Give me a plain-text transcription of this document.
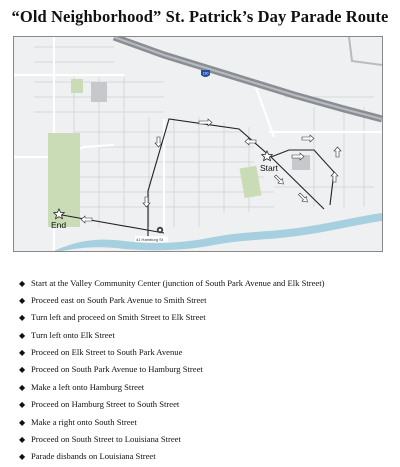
“Old Neighborhood” St. Patrick’s Day Parade Route
190
Start
End
41 Hamburg St
◆ Start at the Valley Community Center (junction of South Park Avenue and Elk Street)
◆ Proceed east on South Park Avenue to Smith Street
◆ Turn left and proceed on Smith Street to Elk Street
◆ Turn left onto Elk Street
◆ Proceed on Elk Street to South Park Avenue
◆ Proceed on South Park Avenue to Hamburg Street
◆ Make a left onto Hamburg Street
◆ Proceed on Hamburg Street to South Street
◆ Make a right onto South Street
◆ Proceed on South Street to Louisiana Street
◆ Parade disbands on Louisiana Street
